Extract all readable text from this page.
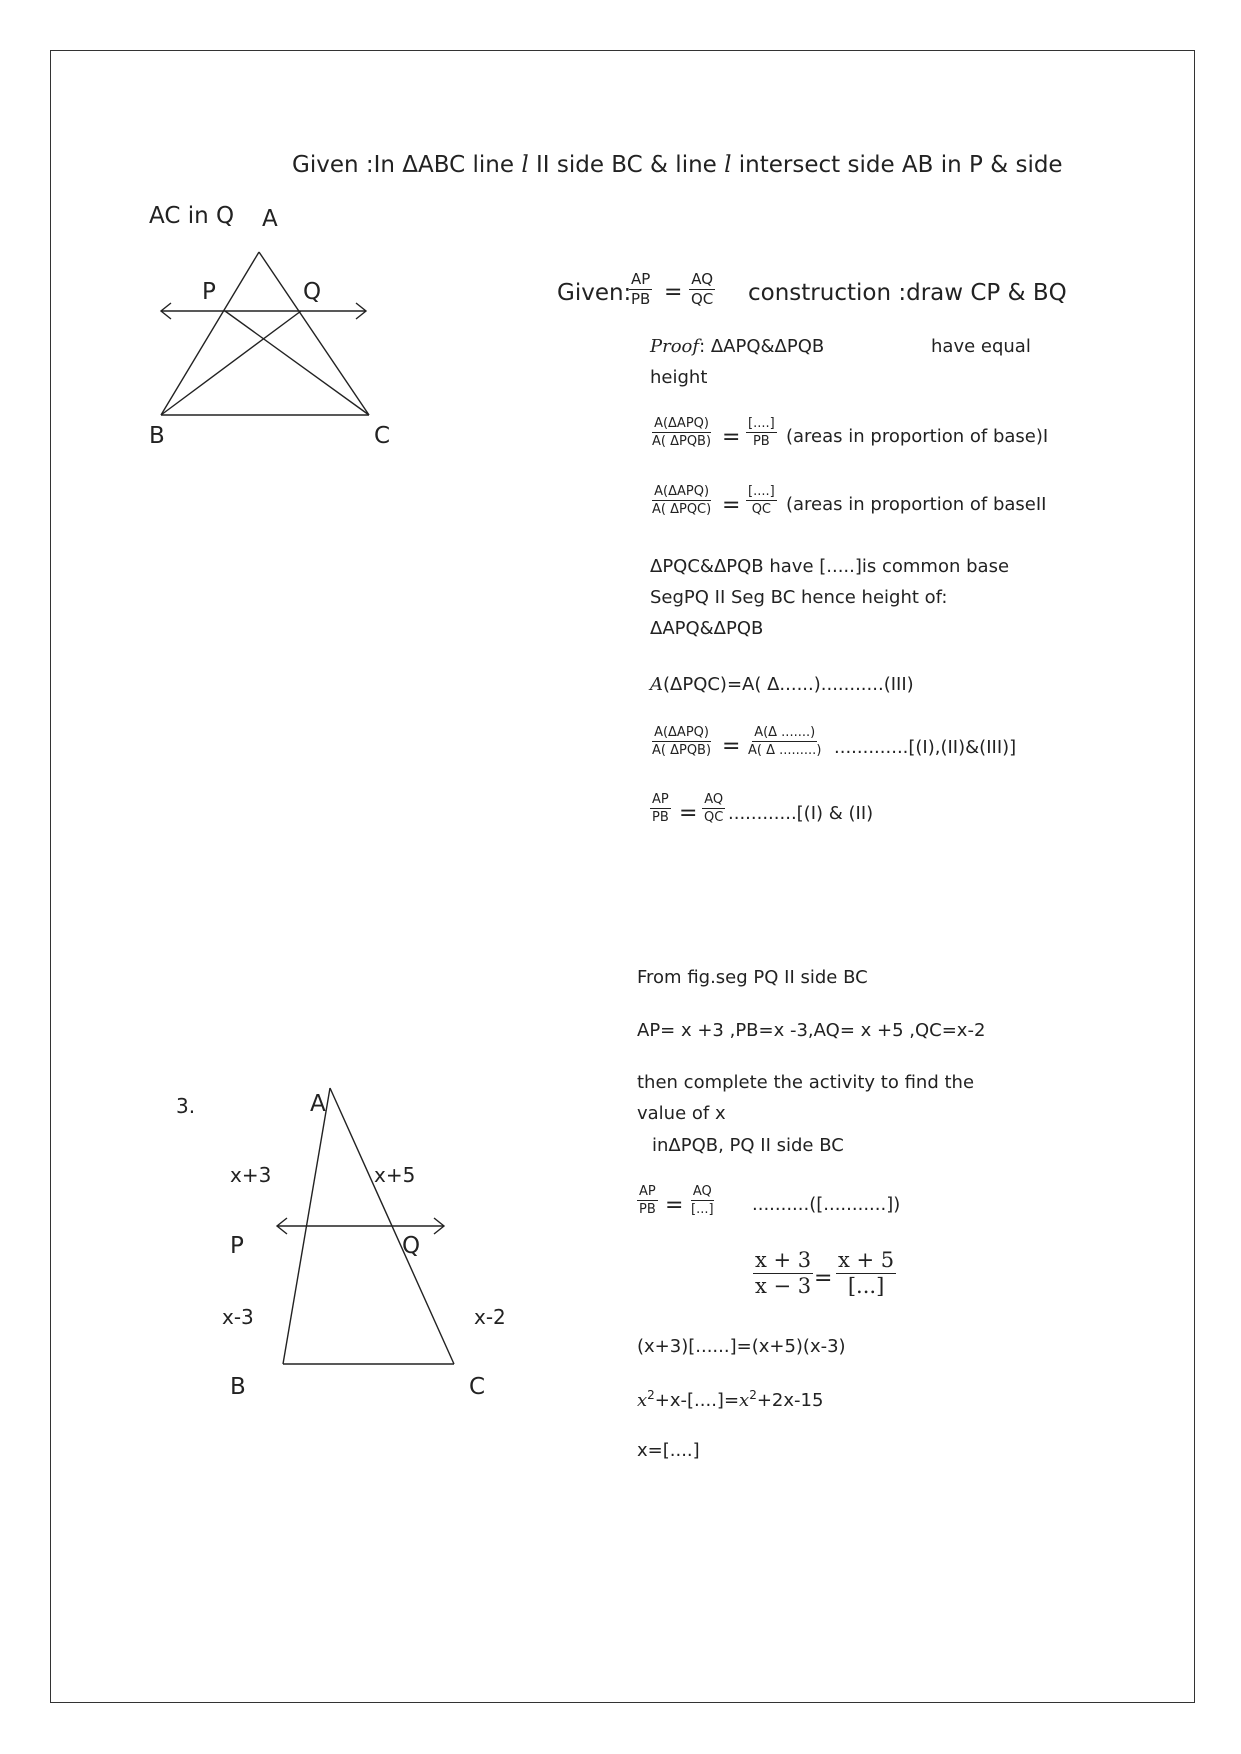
Given :In ΔABC line l II side BC & line l intersect side AB in P & side
AC in Q A
P	Q
B	C
Given:
$\frac{AP}{PB} = \frac{AQ}{QC}$ construction :draw CP & BQ
Proof: ΔAPQ&ΔPQB	have equal
height
A(ΔAPQ)
A( ΔPQB) =
[....]
PB (areas in proportion of base)I
A(ΔAPQ)
A( ΔPQC) =
[....]
QC (areas in proportion of baseII
ΔPQC&ΔPQB have [.....]is common base
SegPQ II Seg BC hence height of:
ΔAPQ&ΔPQB
A(ΔPQC)=A( Δ......)...........(III)
A(ΔAPQ)
A( $\Delta PQB) = \frac{A(\Delta .......)}{A( \Delta .........)}$ .............[(I),(II)&(III)]
$\frac{AP}{PB} = \frac{AQ}{QC} ............[(I)$ & (II)
3.	A
x+3	x+5
P	Q
x-3	x-2
B	C
From fig.seg PQ II side BC
AP= x +3 ,PB=x -3,AQ= x +5 ,QC=x-2
then complete the activity to find the
value of x
inΔPQB, PQ II side BC
$\frac{AP}{PB}$ =
AQ
[...] ..........([...........])
$\frac{x + 3}{x - 3}$ =
x + 5
[...]
(x+3)[......]=(x+5)(x-3)
$x^2+x-[....]=x^2+2x-15$
x=[....]
